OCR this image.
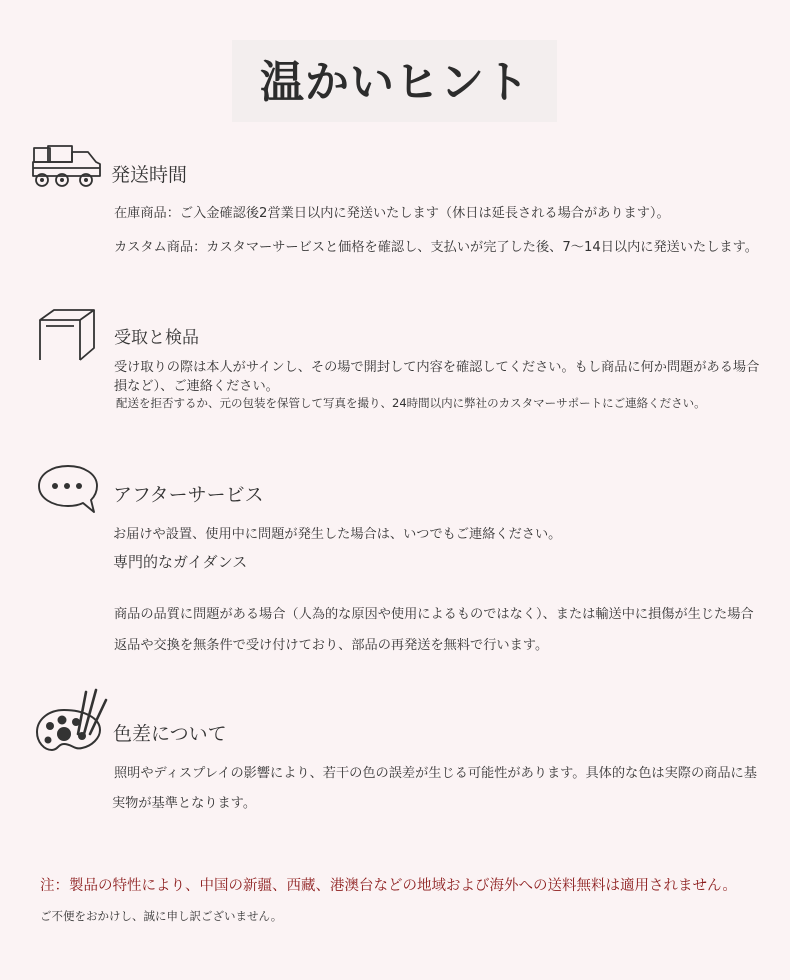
温かいヒント
発送時間
在庫商品：ご入金確認後2営業日以内に発送いたします（休日は延長される場合があります）。
カスタム商品：カスタマーサービスと価格を確認し、支払いが完了した後、7〜14日以内に発送いたします。
受取と検品
受け取りの際は本人がサインし、その場で開封して内容を確認してください。もし商品に何か問題がある場合
損など）、ご連絡ください。
配送を拒否するか、元の包装を保管して写真を撮り、24時間以内に弊社のカスタマーサポートにご連絡ください。
アフターサービス
お届けや設置、使用中に問題が発生した場合は、いつでもご連絡ください。
専門的なガイダンス
商品の品質に問題がある場合（人為的な原因や使用によるものではなく）、または輸送中に損傷が生じた場合
返品や交換を無条件で受け付けており、部品の再発送を無料で行います。
色差について
照明やディスプレイの影響により、若干の色の誤差が生じる可能性があります。具体的な色は実際の商品に基
実物が基準となります。
注：製品の特性により、中国の新疆、西藏、港澳台などの地域および海外への送料無料は適用されません。
ご不便をおかけし、誠に申し訳ございません。
